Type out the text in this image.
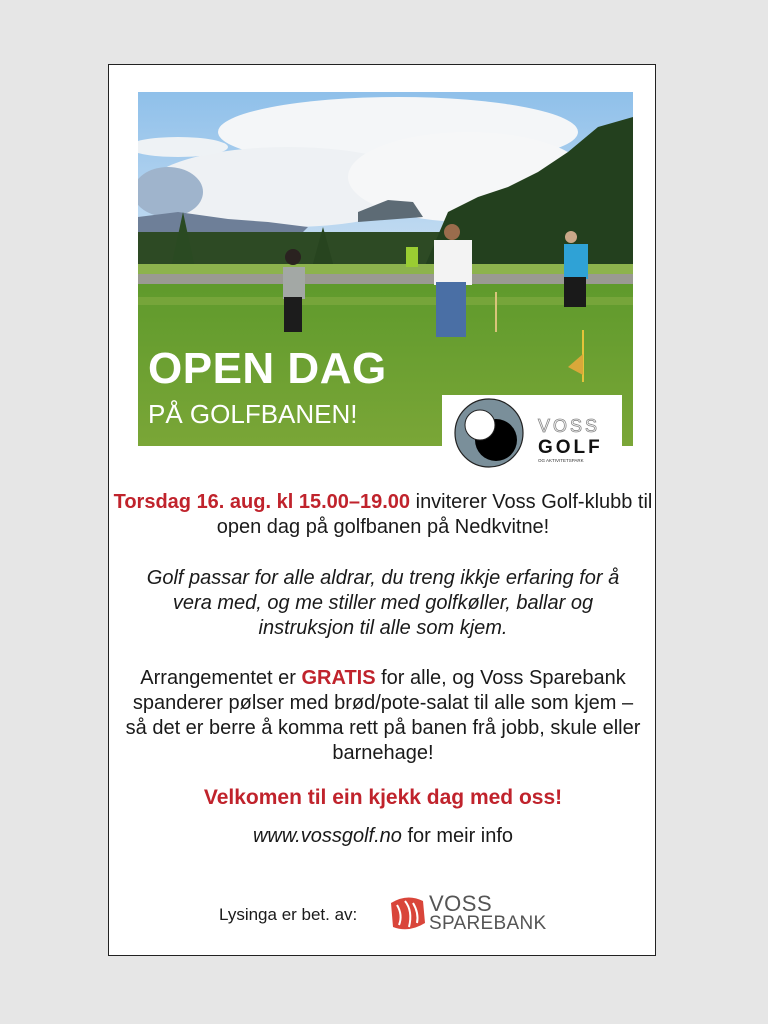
OPEN DAG
PÅ GOLFBANEN!	VOSS
GOLF
OG AKTIVITETSPARK

Torsdag 16. aug. kl 15.00–19.00 inviterer Voss Golf-klubb til open dag på golfbanen på Nedkvitne!

Golf passar for alle aldrar, du treng ikkje erfaring for å vera med, og me stiller med golfkøller, ballar og instruksjon til alle som kjem.

Arrangementet er GRATIS for alle, og Voss Sparebank spanderer pølser med brød/pote-salat til alle som kjem – så det er berre å komma rett på banen frå jobb, skule eller barnehage!

Velkomen til ein kjekk dag med oss!

www.vossgolf.no for meir info

Lysinga er bet. av:	VOSS
SPAREBANK
